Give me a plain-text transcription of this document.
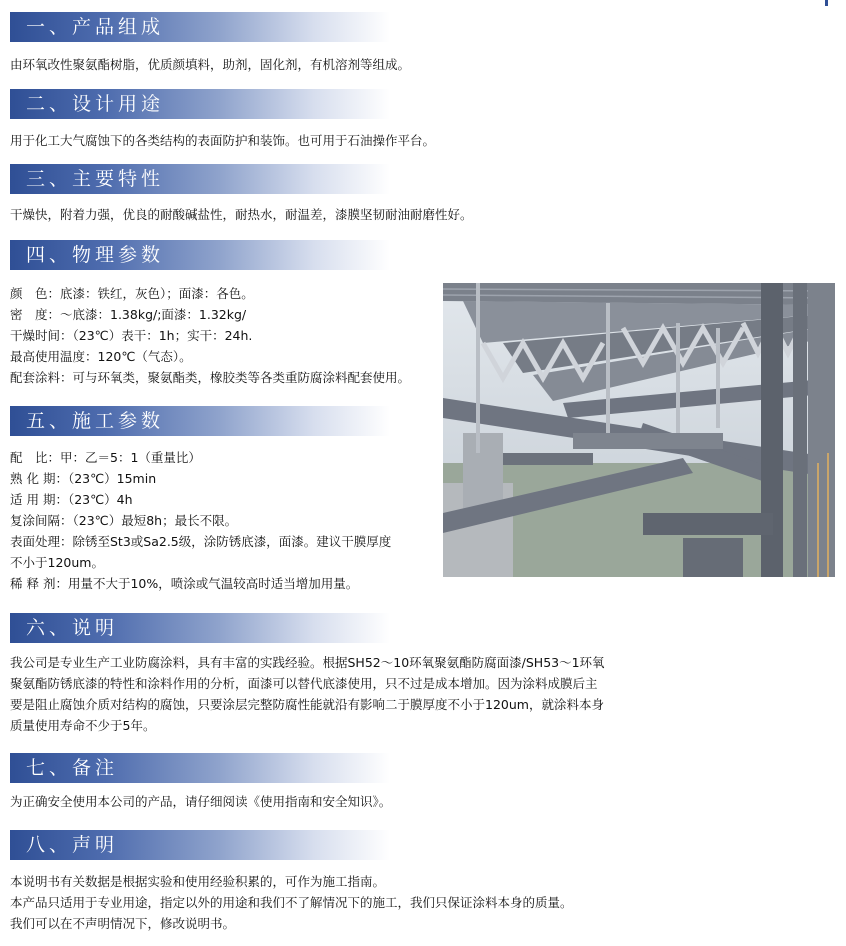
一、产品组成
由环氧改性聚氨酯树脂，优质颜填料，助剂，固化剂，有机溶剂等组成。
二、设计用途
用于化工大气腐蚀下的各类结构的表面防护和装饰。也可用于石油操作平台。
三、主要特性
干燥快，附着力强，优良的耐酸碱盐性，耐热水，耐温差，漆膜坚韧耐油耐磨性好。
四、物理参数
颜　色：底漆：铁红，灰色）；面漆：各色。
密　度：～底漆：1.38kg/;面漆：1.32kg/
干燥时间：（23℃）表干：1h；实干：24h.
最高使用温度：120℃（气态）。
配套涂料：可与环氧类，聚氨酯类，橡胶类等各类重防腐涂料配套使用。
五、施工参数
配　比：甲：乙＝5：1（重量比）
熟 化 期：（23℃）15min
适 用 期：（23℃）4h
复涂间隔：（23℃）最短8h；最长不限。
表面处理：除锈至St3或Sa2.5级，涂防锈底漆，面漆。建议干膜厚度
不小于120um。
稀 释 剂：用量不大于10%，喷涂或气温较高时适当增加用量。
六、说明
我公司是专业生产工业防腐涂料，具有丰富的实践经验。根据SH52～10环氧聚氨酯防腐面漆/SH53～1环氧
聚氨酯防锈底漆的特性和涂料作用的分析，面漆可以替代底漆使用，只不过是成本增加。因为涂料成膜后主
要是阻止腐蚀介质对结构的腐蚀，只要涂层完整防腐性能就沿有影响二于膜厚度不小于120um，就涂料本身
质量使用寿命不少于5年。
七、备注
为正确安全使用本公司的产品，请仔细阅读《使用指南和安全知识》。
八、声明
本说明书有关数据是根据实验和使用经验积累的，可作为施工指南。
本产品只适用于专业用途，指定以外的用途和我们不了解情况下的施工，我们只保证涂料本身的质量。
我们可以在不声明情况下，修改说明书。
